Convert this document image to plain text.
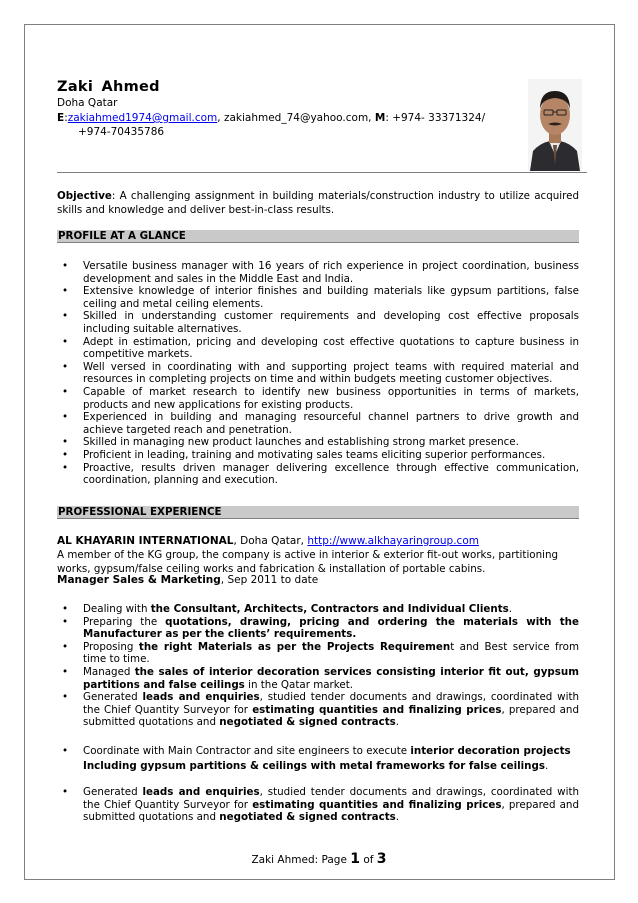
Zaki Ahmed
Doha Qatar
E:zakiahmed1974@gmail.com, zakiahmed_74@yahoo.com, M: +974- 33371324/
+974-70435786
Objective: A challenging assignment in building materials/construction industry to utilize acquired skills and knowledge and deliver best-in-class results.
PROFILE AT A GLANCE
• Versatile business manager with 16 years of rich experience in project coordination, business development and sales in the Middle East and India.
• Extensive knowledge of interior finishes and building materials like gypsum partitions, false ceiling and metal ceiling elements.
• Skilled in understanding customer requirements and developing cost effective proposals including suitable alternatives.
• Adept in estimation, pricing and developing cost effective quotations to capture business in competitive markets.
• Well versed in coordinating with and supporting project teams with required material and resources in completing projects on time and within budgets meeting customer objectives.
• Capable of market research to identify new business opportunities in terms of markets, products and new applications for existing products.
• Experienced in building and managing resourceful channel partners to drive growth and achieve targeted reach and penetration.
• Skilled in managing new product launches and establishing strong market presence.
• Proficient in leading, training and motivating sales teams eliciting superior performances.
• Proactive, results driven manager delivering excellence through effective communication, coordination, planning and execution.
PROFESSIONAL EXPERIENCE
AL KHAYARIN INTERNATIONAL, Doha Qatar, http://www.alkhayaringroup.com
A member of the KG group, the company is active in interior & exterior fit-out works, partitioning works, gypsum/false ceiling works and fabrication & installation of portable cabins.
Manager Sales & Marketing, Sep 2011 to date
• Dealing with the Consultant, Architects, Contractors and Individual Clients.
• Preparing the quotations, drawing, pricing and ordering the materials with the Manufacturer as per the clients’ requirements.
• Proposing the right Materials as per the Projects Requirement and Best service from time to time.
• Managed the sales of interior decoration services consisting interior fit out, gypsum partitions and false ceilings in the Qatar market.
• Generated leads and enquiries, studied tender documents and drawings, coordinated with the Chief Quantity Surveyor for estimating quantities and finalizing prices, prepared and submitted quotations and negotiated & signed contracts.
• Coordinate with Main Contractor and site engineers to execute interior decoration projects
Including gypsum partitions & ceilings with metal frameworks for false ceilings.
• Generated leads and enquiries, studied tender documents and drawings, coordinated with the Chief Quantity Surveyor for estimating quantities and finalizing prices, prepared and submitted quotations and negotiated & signed contracts.
Zaki Ahmed: Page 1 of 3
